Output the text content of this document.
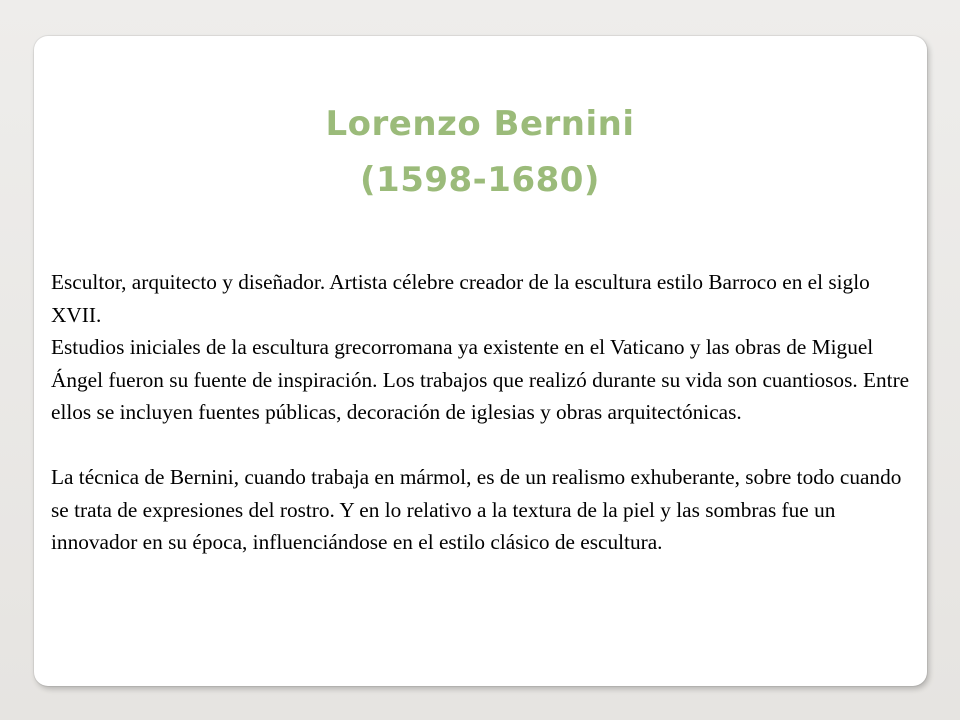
Lorenzo Bernini
(1598-1680)

Escultor, arquitecto y diseñador. Artista célebre creador de la escultura estilo Barroco en el siglo XVII.

Estudios iniciales de la escultura grecorromana ya existente en el Vaticano y las obras de Miguel Ángel fueron su fuente de inspiración. Los trabajos que realizó durante su vida son cuantiosos. Entre ellos se incluyen fuentes públicas, decoración de iglesias y obras arquitectónicas.

La técnica de Bernini, cuando trabaja en mármol, es de un realismo exhuberante, sobre todo cuando se trata de expresiones del rostro. Y en lo relativo a la textura de la piel y las sombras fue un innovador en su época, influenciándose en el estilo clásico de escultura.
